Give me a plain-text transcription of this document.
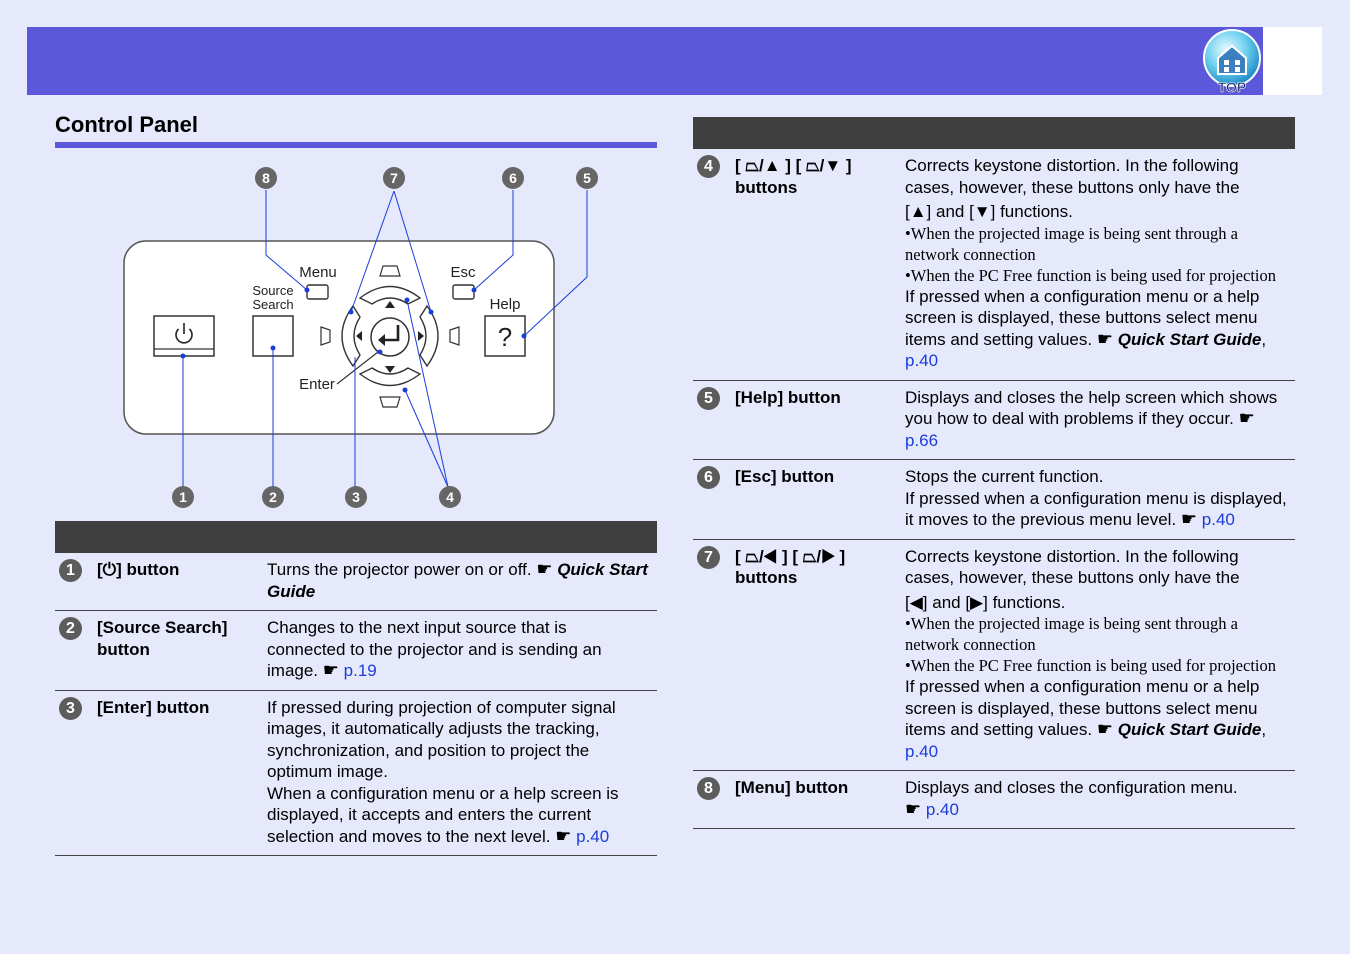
TOP
Control Panel
Source
Search
Menu	Esc
Help
?
Enter
1	2	3	4
5
6
7
8

1	[⏻] button	Turns the projector power on or off. ☛ Quick Start Guide
2	[Source Search] button	Changes to the next input source that is connected to the projector and is sending an image. ☛ p.19
3	[Enter] button	If pressed during projection of computer signal images, it automatically adjusts the tracking, synchronization, and position to project the optimum image.
When a configuration menu or a help screen is displayed, it accepts and enters the current selection and moves to the next level. ☛ p.40

4	[ ⏢/▲ ] [ ⏢/▼ ] buttons	Corrects keystone distortion. In the following cases, however, these buttons only have the
[▲] and [▼] functions.
•When the projected image is being sent through a network connection
•When the PC Free function is being used for projection
If pressed when a configuration menu or a help screen is displayed, these buttons select menu items and setting values. ☛ Quick Start Guide, p.40
5	[Help] button	Displays and closes the help screen which shows you how to deal with problems if they occur. ☛ p.66
6	[Esc] button	Stops the current function.
If pressed when a configuration menu is displayed, it moves to the previous menu level. ☛ p.40
7	[ ⏢/◀ ] [ ⏢/▶ ] buttons	Corrects keystone distortion. In the following cases, however, these buttons only have the
[◀] and [▶] functions.
•When the projected image is being sent through a network connection
•When the PC Free function is being used for projection
If pressed when a configuration menu or a help screen is displayed, these buttons select menu items and setting values. ☛ Quick Start Guide, p.40
8	[Menu] button	Displays and closes the configuration menu.
☛ p.40
